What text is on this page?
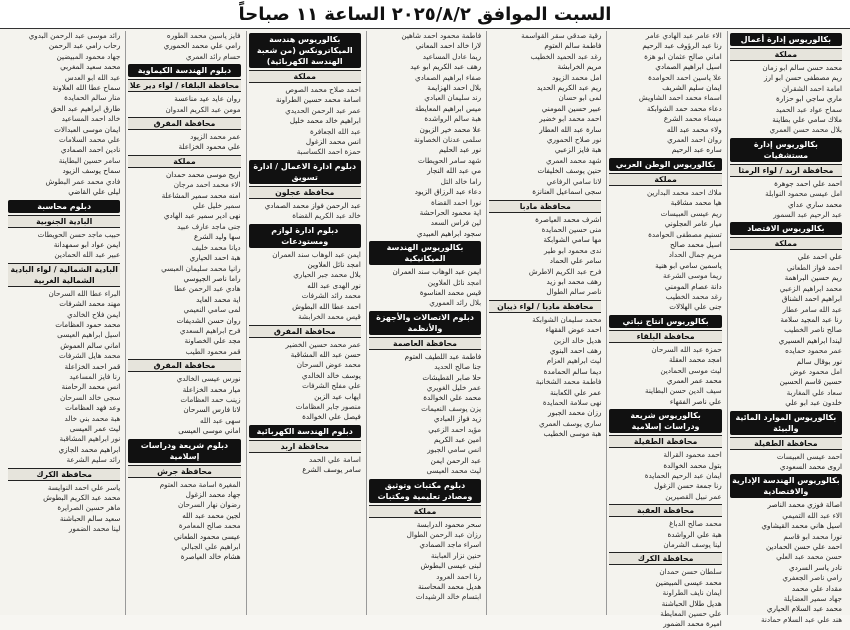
السبت الموافق ٢٠٢٥/٨/٢ الساعة ١١ صباحاً
بكالوريوس إدارة أعمال
مملكة
محمد حسن سالم ابو زمان
ريم مصطفى حسن ابو ارز
امامة احمد الشقران
ماري ساجي ابو حزارة
سماح عواد عبد الحميد
ملاك سامي علي بطاينة
بلال محمد حسن العمري
بكالوريوس إدارة مستشفيات
محافظة اربد / لواء الرمثا
احمد علي احمد جوهرة
امل عيسى محمود النوابلة
محمد ساري عداي
عبد الرحيم عبد السمور
بكالوريوس الاقتصاد
مملكة
علي احمد علي
احمد فواز الطعاني
ريم حسين البراهمة
محمد ابراهيم الزعبي
ابراهيم احمد الشناق
عبد الله سامر عطار
رنا عبد المجيد سلامة
صالح ناصر الخطيب
ليندا ابراهيم العسيري
عمر محمود حمايده
نور بوقال سالم
امل محمود عوض
حسين قاسم الحسين
سعاد علي المغاربة
خلدون عبد ابو علي
بكالوريوس الموارد المائية والبيئة
محافظة الطفيلة
احمد عيسى العبيسات
اروى محمد السعودي
بكالوريوس الهندسة الإدارية والاقتصادية
اصالة فوزي محمد الناصر
الاء عبد الله التميمي
اسيل هاني محمد القيشاوي
نورا محمد ابو قاسم
احمد علي حسن الحمادين
حسن محمد عبد العلي
نادر ياسر السردي
رامي ناصر الجعفري
مقداد علي محمد
جهاد سمير العضايلة
محمد عبد السلام الحياري
هند علي عبد السلام حمادنة
الاء عامر عبد الهادي عامر
رنا عبد الرؤوف عبد الرحيم
اماني صالح عثمان ابو هزة
اسيل ابراهيم الصمادي
علا ياسين احمد الحوامدة
ايمان سليم الشريف
اسماء محمد احمد الشاويش
دعاء محمد حمد الشوابكة
ميساء محمد الشرع
ولاء محمد عبد الله
روان احمد العمري
ساره عبد الرحيم
بكالوريوس الوطن العربي
مملكة
ملاك احمد محمد البدارين
هيا محمد مشاقبة
ريم عيسى العبيسات
ميار عامر العجلوني
تسنيم مصطفى الحوامدة
اسيل محمد صالح
مريم جمال الحداد
ياسمين سامي ابو هنية
ريما موسى الشرعة
دانة عصام المومني
رغد محمد الخطيب
جنى علي الهلالات
بكالوريوس انتاج نباتي
محافظة البلقاء
حمزة عبد الله السرحان
امجد محمد العقلة
ليث موسى الحمادين
محمد عمر العمري
سيف الدين حسن البطاينة
علي ناصر الفقهاء
بكالوريوس شريعة ودراسات إسلامية
محافظة الطفيلة
احمد محمود القرالة
بتول محمد الخوالدة
ايمان عبد الرحيم الحمايدة
رنا جمعة حسن الزغول
عمر نبيل القصيرين
محافظة العقبة
محمد صالح الدباغ
هبة علي الرواشدة
لينا يوسف الشرمان
محافظة الكرك
سلطان حسن حمدان
محمد عيسى المبيضين
ايمان نايف الطراونة
هديل طلال الحباشنة
علي حسين المعايطة
اميرة محمد الضمور
رقية صدقي سقر القواسمة
فاطمة سالم العتوم
رغد عبد الحميد الخطيب
مريم الخرابشة
امل محمد الزيود
ريم عبد الكريم الحديد
لمى ابو حسان
عبير حسين المومني
احمد محمد ابو خضير
سارة عبد الله العطار
نور صلاح الحموري
هبة فايز الزعبي
شهد محمد العمري
حنين يوسف الخليفات
لانا سامي الرفاعي
سجى اسماعيل العنانزة
محافظة مادبا
اشرف محمد العياصرة
منى حسين الحمايدة
مها سامي الشوابكة
ندى محمود ابو طير
سامر علي الحماد
فرح عبد الكريم الاطرش
رهف محمد ابو زيد
ناصر سالم الطوال
محافظة مادبا / لواء ذيبان
محمد سليمان الشوابكة
احمد عوض الفقهاء
هديل خالد الزبن
رهف احمد البنوي
ليث ابراهيم العزام
ديما سالم الحمامدة
فاطمة محمد الشخانبة
عمر علي الكعابنة
نهى سلامة الحمايدة
رزان محمد الجبور
ساري يوسف العمري
هبة موسى الخطيب
فاطمة محمود احمد شاهين
لارا خالد احمد المعاني
ريما عادل المساعيد
رهف عبد الكريم ابو عيد
صفاء ابراهيم الصمادي
بلال احمد الهزايمة
رند سليمان العبادي
ميس ابراهيم المعايطة
هبة سالم الرواشدة
علا محمد خير الزبون
سلمى عدنان الخصاونة
نور عبد الحليم
شهد سامر الحويطات
مي عبد الله النجار
راما خالد التل
دعاء عبد الرزاق الزيود
نورا احمد القضاة
اية محمود الحراحشة
لين فراس السعد
سجود ابراهيم العبيدي
بكالوريوس الهندسة الميكانيكية
ايمن عبد الوهاب سند العمران
امجد نائل العلاوين
قيس محمد العناسوة
بلال رائد العموري
دبلوم الاتصالات والأجهزة والأنظمة
محافظة العاصمة
فاطمة عبد اللطيف العتوم
جنا صالح الحديد
حلا صابر القطيشات
عمر خليل الغويري
محمد علي الخوالدة
يزن يوسف النعيمات
زيد فواز العبادي
مؤيد احمد الزعبي
امين عبد الكريم
انس سامي الجبور
عبد الرحمن ايمن
ليث محمد العيسى
دبلوم مكتبات وتوثيق ومصادر تعليمية ومكتبات
مملكة
سحر محمود الدرابسة
رزان عبد الرحمن الطوال
اسراء ماجد الصمادي
حنين نزار العبابنة
لبنى عيسى البطوش
رنا احمد العرود
هديل محمد المحاسنة
ابتسام خالد الرشيدات
بكالوريوس هندسة الميكاترونكس (من شعبة الهندسة الكهربائية)
مملكة
احمد صلاح محمد الصوص
اسامة محمد حسين الطراونة
عمر عبد الرحمن الحديدي
ابراهيم خالد محمد خليل
عبد الله الجعافرة
انس محمد الزغول
حمزة احمد الكساسبة
دبلوم ادارة الاعمال / ادارة تسويق
محافظة عجلون
عبد الرحمن فواز محمد الصمادي
خالد عبد الكريم القضاة
دبلوم ادارة لوازم ومستودعات
ايمن عبد الوهاب سند العمران
امجد نائل العلاوين
بلال محمد جبر الحياري
نور الهدى عبد الله
محمد رائد الشرفات
احمد عطا الله البطوش
قيس محمد الخرابشة
محافظة المفرق
عمر محمد حسين الخضير
حسن عبد الله المشاقبة
محمد عوض السرحان
يوسف خالد الخالدي
علي مفلح الشرفات
ايهاب عيد الزبن
منصور جابر العظامات
فيصل علي الخوالدة
دبلوم الهندسة الكهربائية
محافظة اربد
اسامة علي الحمد
سامر يوسف الشرع
فايز ياسين محمد الطوره
رامي علي محمد الحموري
حسام رائد العمري
دبلوم الهندسة الكيماوية
محافظة البلقاء / لواء دير علا
روان عايد عيد مناعسة
مومن عبد الكريم العدوان
محافظة المفرق
عمر محمد الزيود
علي محمود الخزاعلة
مملكة
اريج موسى محمد حمدان
الاء محمد احمد مرجان
امنه محمد سمير المشاعلة
سمير خليل علي
نهى ادير سمير عبد الهادي
جنى ماجد عارف عبيد
سها وليد الشرع
ديانا محمد خليف
هبة احمد الحياري
رانيا محمد سليمان العبسي
راما ناصر الجيوسي
هادي عبد الرحمن عطا
اية محمد العايد
لمى سامي النعيمي
روان حسن الشديفات
فرح ابراهيم السعدي
مجد علي الخصاونة
قمر محمود الطيب
محافظة المفرق
نورس عيسى الخالدي
ميار محمد الخزاعلة
زينب حمد العظامات
لانا فارس السرحان
سهى عبد الله
اماني موسى العيسى
دبلوم شريعة ودراسات إسلامية
محافظة جرش
المغيرة اسامة محمد العتوم
جهاد محمد الزغول
رضوان نهار السرحان
لجين محمد عبد الله
محمد صالح المعامرة
عيسى محمود الطعاني
ابراهيم علي الجبالي
هشام خالد العياصرة
رائد موسى عبد الرحمن البدوي
رحاب رامي عبد الرحمن
جهاد محمود المبيضين
محمد سعيد المغربي
عبد الله ابو العدس
سماح عطا الله العلاونة
منار سالم الحمايدة
طارق ابراهيم عبد الحق
خالد احمد المساعيد
ايمان موسى العبدالات
علي محمد السلامات
نادين احمد الصمادي
سامر حسين البطاينة
سماح يوسف الزيود
فادي محمد عمر البطوش
ليلى علي القاضي
دبلوم محاسبة
البادية الجنوبية
حبيب ماجد حسن الحويطات
ايمن عواد ابو سمهدانة
عبير عبد الله الحمادين
البادية الشمالية / لواء البادية الشمالية الغربية
البراء عطا الله السرحان
مهند محمد الشرفات
ايمن فلاح الخالدي
محمد حمود العظامات
اسيل ابراهيم العيسى
اماني سالم العموش
محمد هايل الشرفات
قمر احمد الخزاعلة
رنا فايز المساعيد
انس محمد الرحامنة
سجى خالد السرحان
وعد فهد العظامات
هبة محمد بني خالد
ليث عمر العيسى
نور ابراهيم المشاقبة
ابراهيم محمد الجازي
رائد سليم الشرعة
محافظة الكرك
ياسر علي احمد النوايسة
محمد عبد الكريم البطوش
ماهر حسين الصرايرة
سعيد سالم الحباشنة
لينا محمد الضمور
